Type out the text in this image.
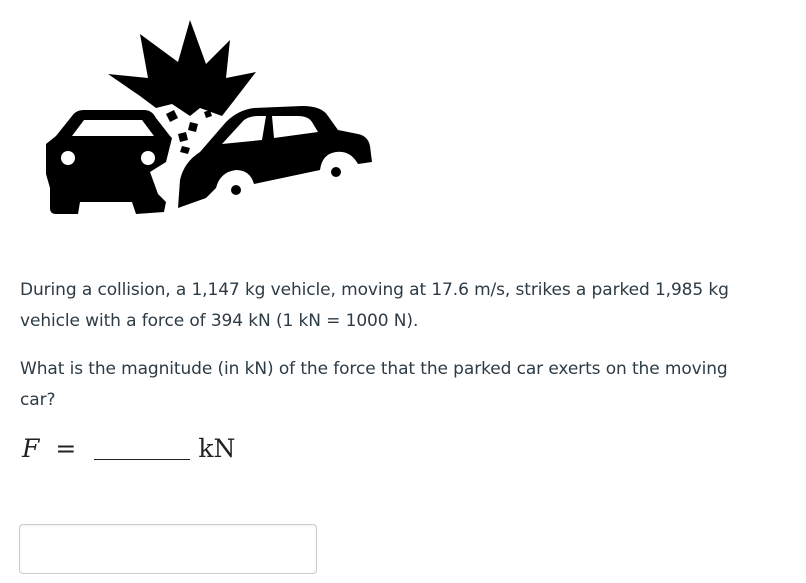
During a collision, a 1,147 kg vehicle, moving at 17.6 m/s, strikes a parked 1,985 kg
vehicle with a force of 394 kN (1 kN = 1000 N).

What is the magnitude (in kN) of the force that the parked car exerts on the moving
car?

F =	kN
